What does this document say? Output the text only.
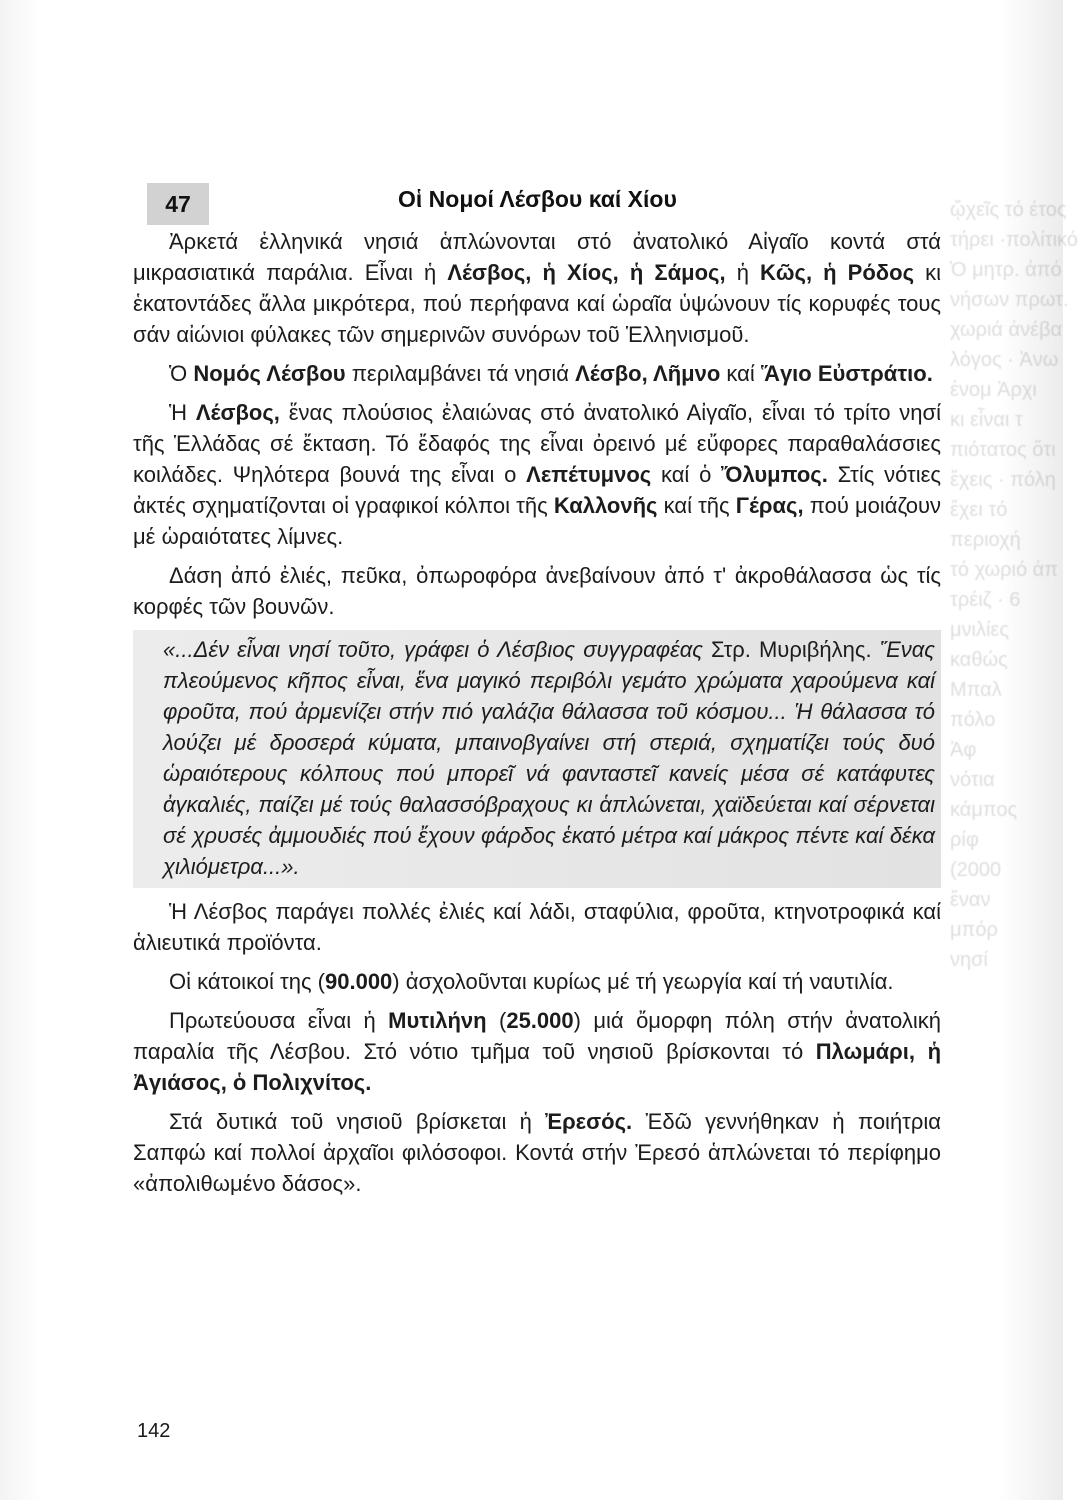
ᾤχεῖς τό έτος
τήρει ·πολίτικό
Ὁ μητρ. ἀπό
νήσων πρωτ.
χωριά ἀνέβα
λόγος · Ἀνω
ἐνομ Ἀρχι
κι εἶναι τ
πιότατος ὅτι
ἔχεις · πόλη
ἔχει τό
περιοχή
τό χωριό ἀπ
τρέιζ · 6
μνιλίες
καθώς
Μπαλ
πόλο
Ἀφ
νότια
κάμπος
ρίφ
(2000
ἔναν
μπόρ
νησί
47	Οἱ Νομοί Λέσβου καί Χίου

Ἀρκετά ἑλληνικά νησιά ἁπλώνονται στό ἀνατολικό Αἰγαῖο κοντά στά μικρασιατικά παράλια. Εἶναι ἡ Λέσβος, ἡ Χίος, ἡ Σάμος, ἡ Κῶς, ἡ Ρόδος κι ἑκατοντάδες ἄλλα μικρότερα, πού περήφανα καί ὡραῖα ὑψώνουν τίς κορυφές τους σάν αἰώνιοι φύλακες τῶν σημερινῶν συνόρων τοῦ Ἑλληνισμοῦ.

Ὁ Νομός Λέσβου περιλαμβάνει τά νησιά Λέσβο, Λῆμνο καί Ἅγιο Εὐστράτιο.

Ἡ Λέσβος, ἕνας πλούσιος ἐλαιώνας στό ἀνατολικό Αἰγαῖο, εἶναι τό τρίτο νησί τῆς Ἑλλάδας σέ ἔκταση. Τό ἔδαφός της εἶναι ὀρεινό μέ εὔφορες παραθαλάσσιες κοιλάδες. Ψηλότερα βουνά της εἶναι ο Λεπέτυμνος καί ὁ Ὄλυμπος. Στίς νότιες ἀκτές σχηματίζονται οἱ γραφικοί κόλποι τῆς Καλλονῆς καί τῆς Γέρας, πού μοιάζουν μέ ὡραιότατες λίμνες.

Δάση ἀπό ἐλιές, πεῦκα, ὀπωροφόρα ἀνεβαίνουν ἀπό τ' ἀκροθάλασσα ὡς τίς κορφές τῶν βουνῶν.

«...Δέν εἶναι νησί τοῦτο, γράφει ὁ Λέσβιος συγγραφέας Στρ. Μυριβήλης. Ἕνας πλεούμενος κῆπος εἶναι, ἕνα μαγικό περιβόλι γεμάτο χρώματα χαρούμενα καί φροῦτα, πού ἀρμενίζει στήν πιό γαλάζια θάλασσα τοῦ κόσμου... Ἡ θάλασσα τό λούζει μέ δροσερά κύματα, μπαινοβγαίνει στή στεριά, σχηματίζει τούς δυό ὡραιότερους κόλπους πού μπορεῖ νά φανταστεῖ κανείς μέσα σέ κατάφυτες ἀγκαλιές, παίζει μέ τούς θαλασσόβραχους κι ἁπλώνεται, χαϊδεύεται καί σέρνεται σέ χρυσές ἀμμουδιές πού ἔχουν φάρδος ἑκατό μέτρα καί μάκρος πέντε καί δέκα χιλιόμετρα...».

Ἡ Λέσβος παράγει πολλές ἐλιές καί λάδι, σταφύλια, φροῦτα, κτηνοτροφικά καί ἁλιευτικά προϊόντα.

Οἱ κάτοικοί της (90.000) ἀσχολοῦνται κυρίως μέ τή γεωργία καί τή ναυτιλία.

Πρωτεύουσα εἶναι ἡ Μυτιλήνη (25.000) μιά ὄμορφη πόλη στήν ἀνατολική παραλία τῆς Λέσβου. Στό νότιο τμῆμα τοῦ νησιοῦ βρίσκονται τό Πλωμάρι, ἡ Ἀγιάσος, ὁ Πολιχνίτος.

Στά δυτικά τοῦ νησιοῦ βρίσκεται ἡ Ἐρεσός. Ἐδῶ γεννήθηκαν ἡ ποιήτρια Σαπφώ καί πολλοί ἀρχαῖοι φιλόσοφοι. Κοντά στήν Ἐρεσό ἁπλώνεται τό περίφημο «ἀπολιθωμένο δάσος».

142
